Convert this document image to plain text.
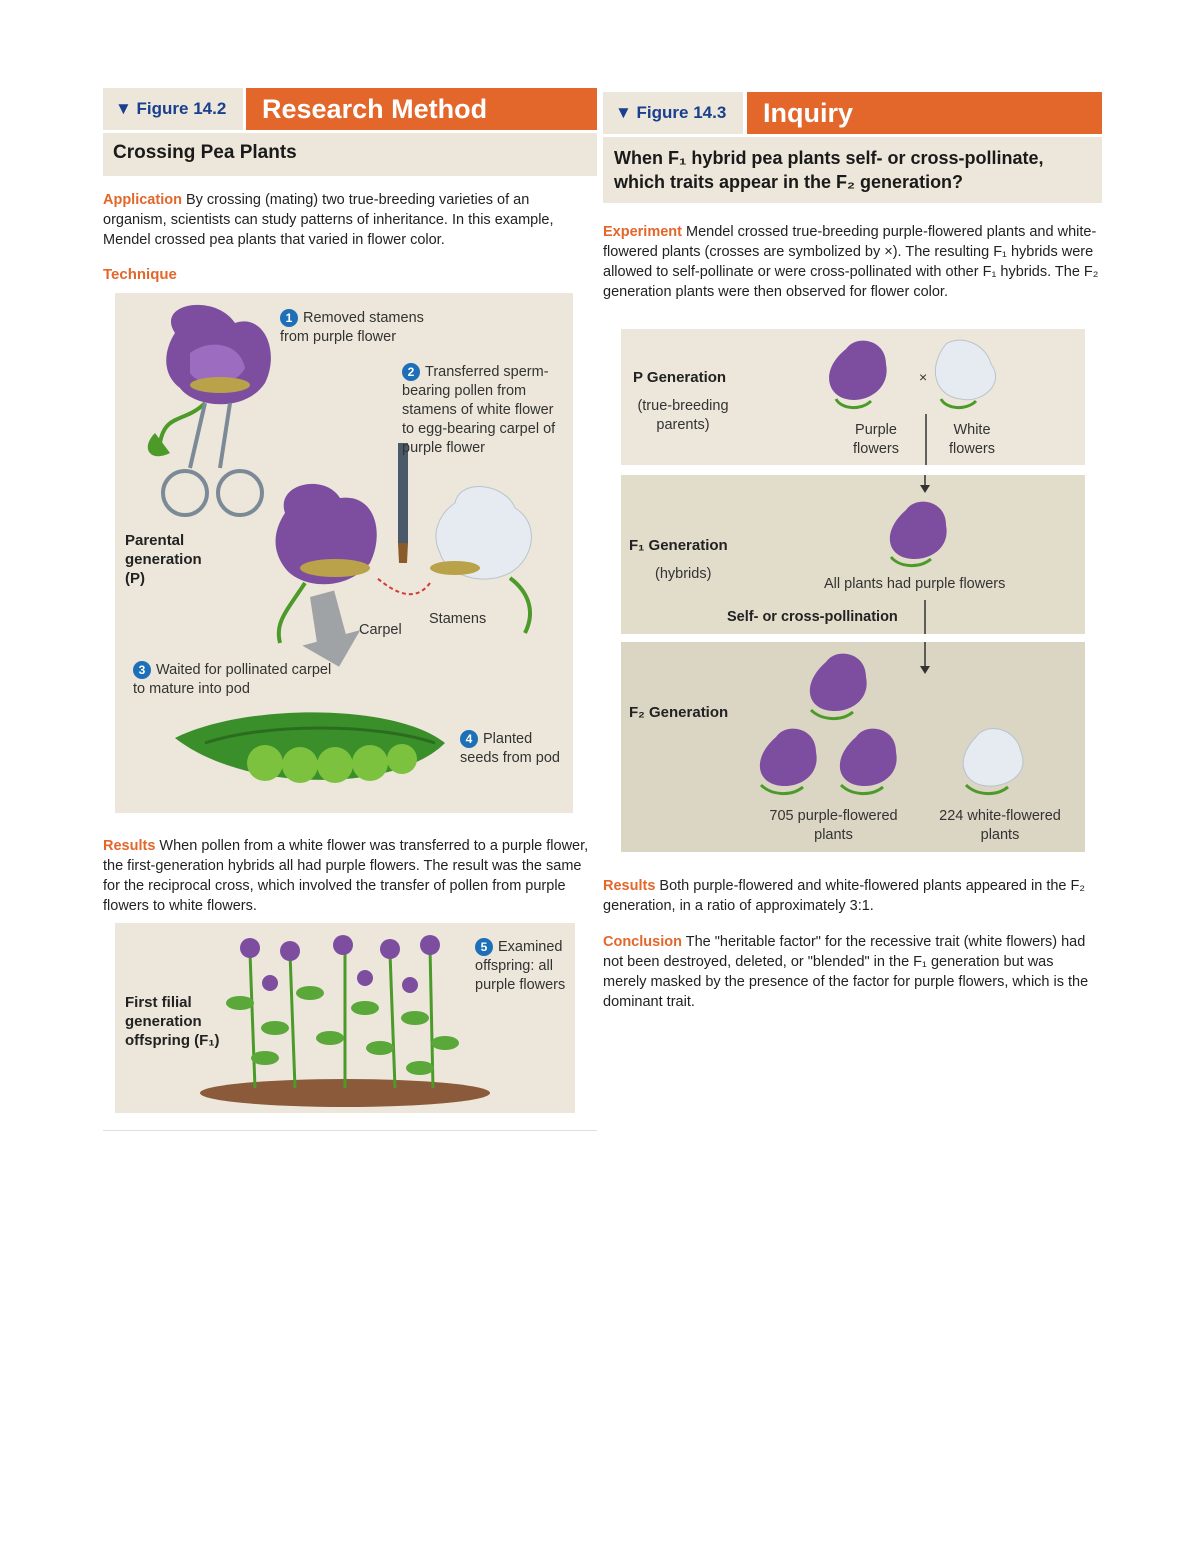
▼ Figure 14.2	Research Method
Crossing Pea Plants
Application By crossing (mating) two true-breeding varieties of an organism, scientists can study patterns of inheritance. In this example, Mendel crossed pea plants that varied in flower color.
Technique
1 Removed stamens from purple flower
2 Transferred sperm-bearing pollen from stamens of white flower to egg-bearing carpel of purple flower
Parental generation (P)
Carpel
Stamens
3 Waited for pollinated carpel to mature into pod
4 Planted seeds from pod
Results When pollen from a white flower was transferred to a purple flower, the first-generation hybrids all had purple flowers. The result was the same for the reciprocal cross, which involved the transfer of pollen from purple flowers to white flowers.
First filial generation offspring (F₁)
5 Examined offspring: all purple flowers
▼ Figure 14.3	Inquiry
When F₁ hybrid pea plants self- or cross-pollinate, which traits appear in the F₂ generation?
Experiment Mendel crossed true-breeding purple-flowered plants and white-flowered plants (crosses are symbolized by ×). The resulting F₁ hybrids were allowed to self-pollinate or were cross-pollinated with other F₁ hybrids. The F₂ generation plants were then observed for flower color.
P Generation
(true-breeding parents)
×
Purple flowers
White flowers
F₁ Generation
(hybrids)
All plants had purple flowers
Self- or cross-pollination
F₂ Generation
705 purple-flowered plants
224 white-flowered plants
Results Both purple-flowered and white-flowered plants appeared in the F₂ generation, in a ratio of approximately 3:1.
Conclusion The "heritable factor" for the recessive trait (white flowers) had not been destroyed, deleted, or "blended" in the F₁ generation but was merely masked by the presence of the factor for purple flowers, which is the dominant trait.
